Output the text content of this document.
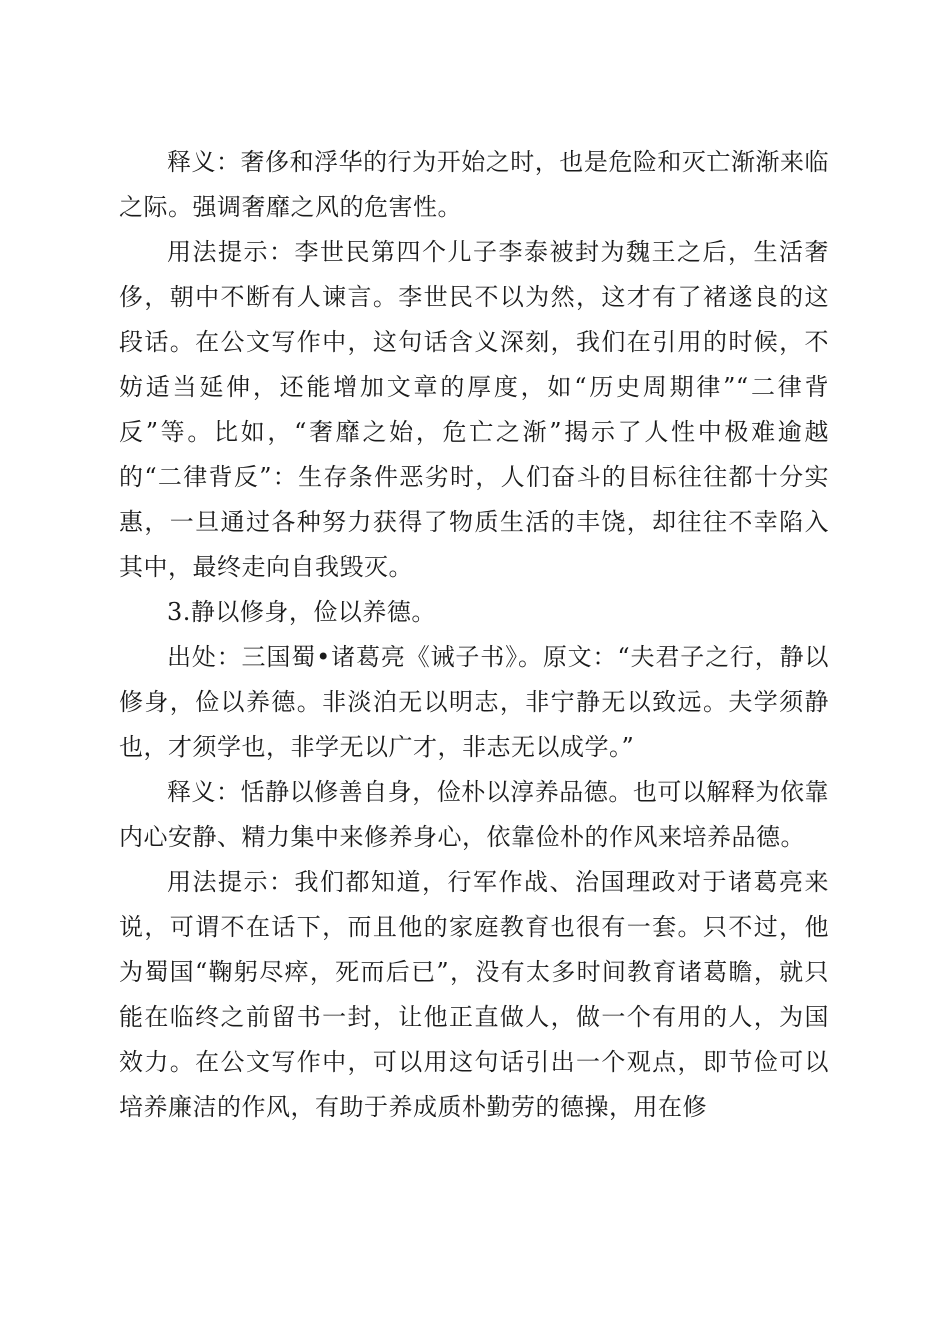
释义：奢侈和浮华的行为开始之时，也是危险和灭亡渐渐来临之际。强调奢靡之风的危害性。

用法提示：李世民第四个儿子李泰被封为魏王之后，生活奢侈，朝中不断有人谏言。李世民不以为然，这才有了褚遂良的这段话。在公文写作中，这句话含义深刻，我们在引用的时候，不妨适当延伸，还能增加文章的厚度，如“历史周期律”“二律背反”等。比如，“奢靡之始，危亡之渐”揭示了人性中极难逾越的“二律背反”：生存条件恶劣时，人们奋斗的目标往往都十分实惠，一旦通过各种努力获得了物质生活的丰饶，却往往不幸陷入其中，最终走向自我毁灭。

3.静以修身，俭以养德。

出处：三国蜀•诸葛亮《诫子书》。原文：“夫君子之行，静以修身，俭以养德。非淡泊无以明志，非宁静无以致远。夫学须静也，才须学也，非学无以广才，非志无以成学。”

释义：恬静以修善自身，俭朴以淳养品德。也可以解释为依靠内心安静、精力集中来修养身心，依靠俭朴的作风来培养品德。

用法提示：我们都知道，行军作战、治国理政对于诸葛亮来说，可谓不在话下，而且他的家庭教育也很有一套。只不过，他为蜀国“鞠躬尽瘁，死而后已”，没有太多时间教育诸葛瞻，就只能在临终之前留书一封，让他正直做人，做一个有用的人，为国效力。在公文写作中，可以用这句话引出一个观点，即节俭可以培养廉洁的作风，有助于养成质朴勤劳的德操，用在修
